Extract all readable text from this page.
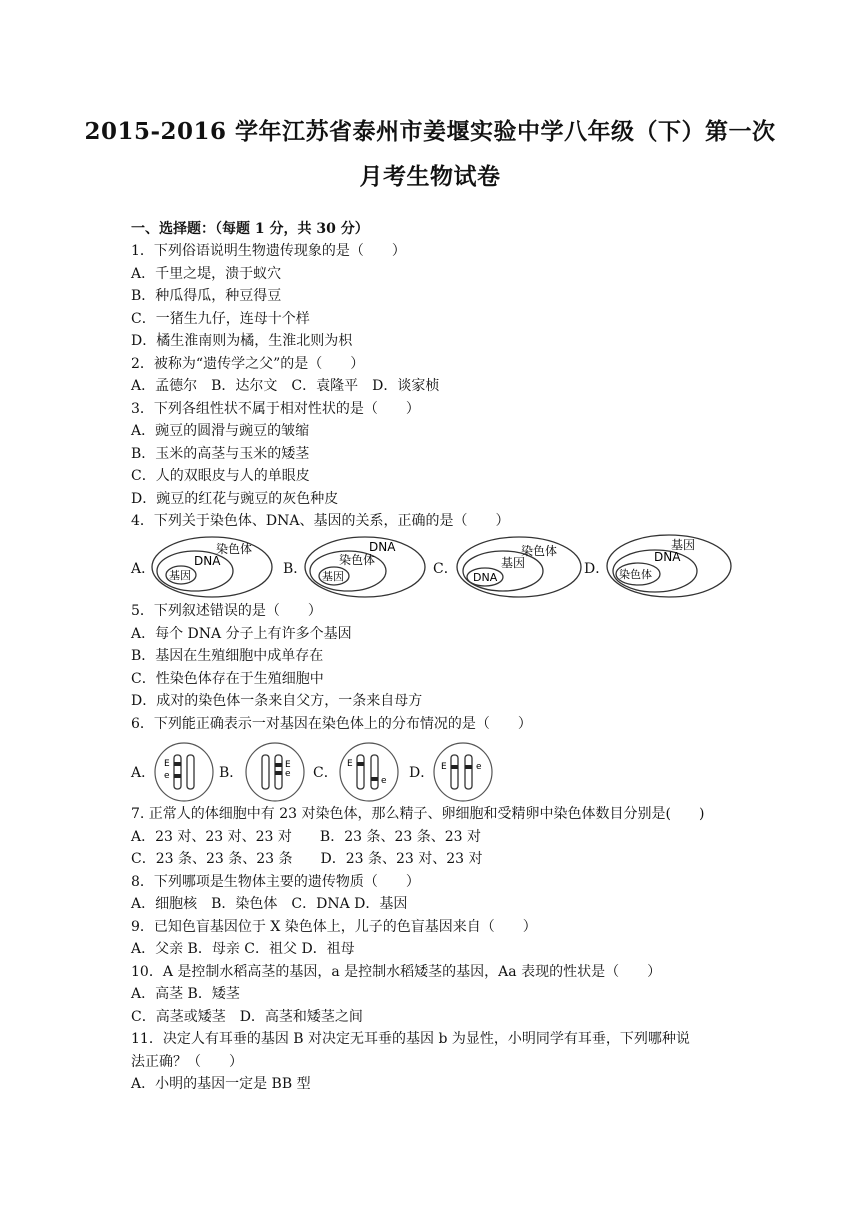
2015-2016 学年江苏省泰州市姜堰实验中学八年级（下）第一次
月考生物试卷
一、选择题：（每题 1 分，共 30 分）
1．下列俗语说明生物遗传现象的是（　　）
A．千里之堤，溃于蚁穴
B．种瓜得瓜，种豆得豆
C．一猪生九仔，连母十个样
D．橘生淮南则为橘，生淮北则为枳
2．被称为“遗传学之父”的是（　　）
A．孟德尔　B．达尔文　C．袁隆平　D．谈家桢
3．下列各组性状不属于相对性状的是（　　）
A．豌豆的圆滑与豌豆的皱缩
B．玉米的高茎与玉米的矮茎
C．人的双眼皮与人的单眼皮
D．豌豆的红花与豌豆的灰色种皮
4．下列关于染色体、DNA、基因的关系，正确的是（　　）
A．
染色体
DNA
基因	B．
DNA
染色体
基因	C．
染色体
基因
DNA
D．
基因
DNA
染色体
5．下列叙述错误的是（　　）
A．每个 DNA 分子上有许多个基因
B．基因在生殖细胞中成单存在
C．性染色体存在于生殖细胞中
D．成对的染色体一条来自父方，一条来自母方
6．下列能正确表示一对基因在染色体上的分布情况的是（　　）
A．
E
e	B．	E
e C．
E
e D． E	e
7. 正常人的体细胞中有 23 对染色体，那么精子、卵细胞和受精卵中染色体数目分别是(　　)
A．23 对、23 对、23 对　　B．23 条、23 条、23 对
C．23 条、23 条、23 条　　D．23 条、23 对、23 对
8．下列哪项是生物体主要的遗传物质（　　）
A．细胞核　B．染色体　C．DNA D．基因
9．已知色盲基因位于 X 染色体上，儿子的色盲基因来自（　　）
A．父亲 B．母亲 C．祖父 D．祖母
10．A 是控制水稻高茎的基因，a 是控制水稻矮茎的基因，Aa 表现的性状是（　　）
A．高茎 B．矮茎
C．高茎或矮茎　D．高茎和矮茎之间
11．决定人有耳垂的基因 B 对决定无耳垂的基因 b 为显性，小明同学有耳垂，下列哪种说
法正确？（　　）
A．小明的基因一定是 BB 型
